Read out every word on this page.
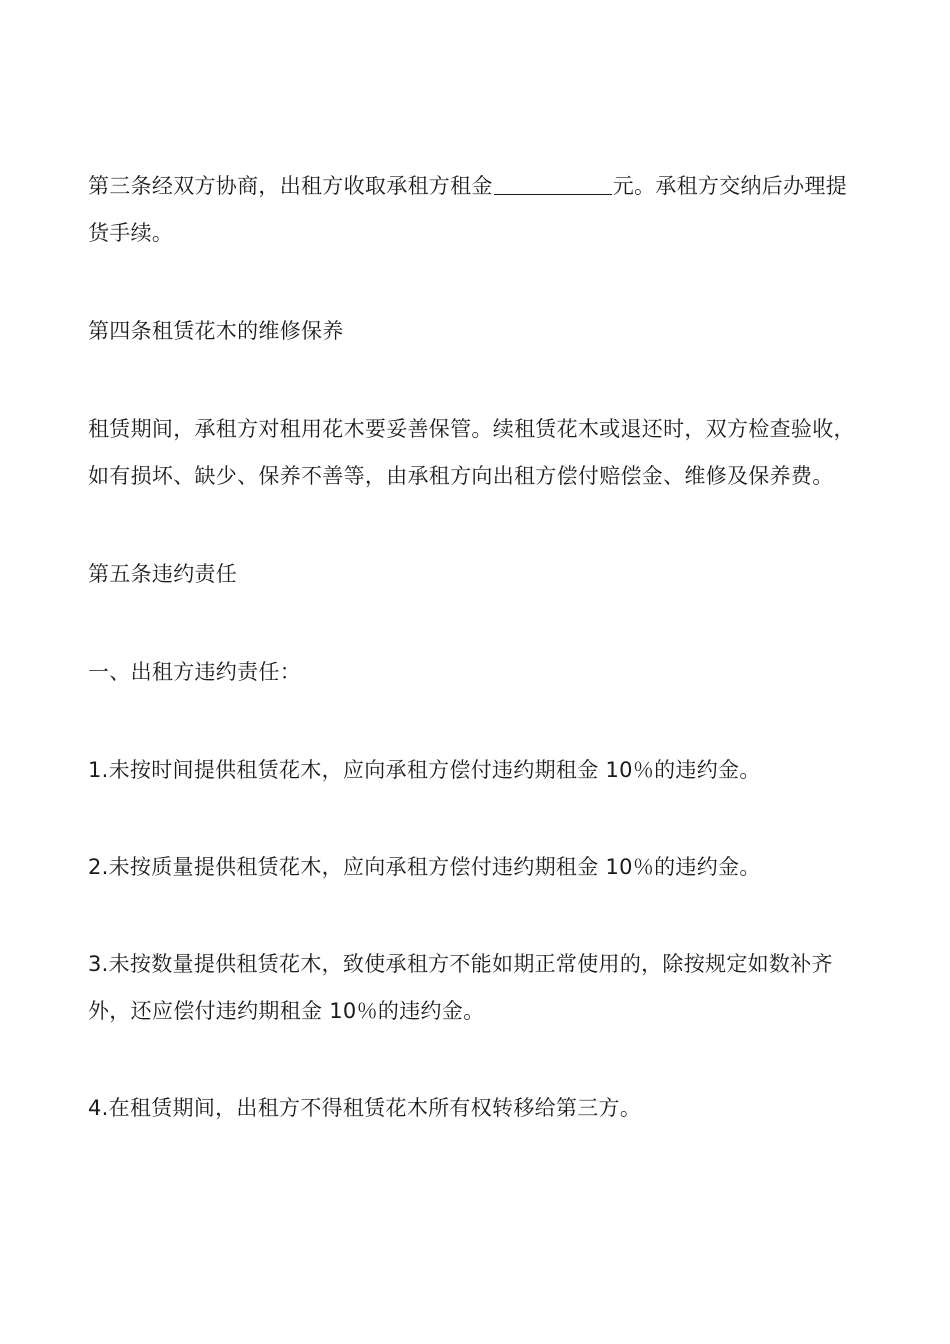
第三条经双方协商，出租方收取承租方租金	元。承租方交纳后办理提货手续。

第四条租赁花木的维修保养

租赁期间，承租方对租用花木要妥善保管。续租赁花木或退还时，双方检查验收，如有损坏、缺少、保养不善等，由承租方向出租方偿付赔偿金、维修及保养费。

第五条违约责任

一、出租方违约责任：

1.未按时间提供租赁花木，应向承租方偿付违约期租金 10％的违约金。

2.未按质量提供租赁花木，应向承租方偿付违约期租金 10％的违约金。

3.未按数量提供租赁花木，致使承租方不能如期正常使用的，除按规定如数补齐外，还应偿付违约期租金 10％的违约金。

4.在租赁期间，出租方不得租赁花木所有权转移给第三方。
